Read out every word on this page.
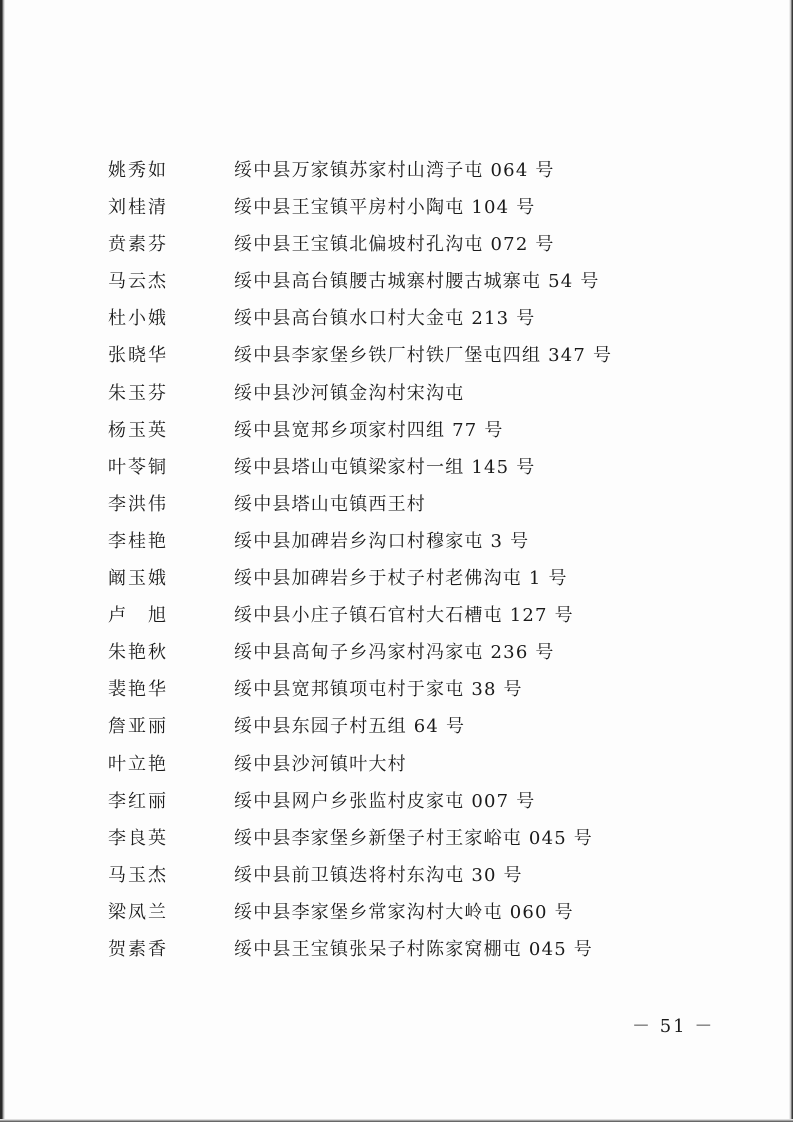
姚秀如	绥中县万家镇苏家村山湾子屯 064 号
刘桂清	绥中县王宝镇平房村小陶屯 104 号
贲素芬	绥中县王宝镇北偏坡村孔沟屯 072 号
马云杰	绥中县高台镇腰古城寨村腰古城寨屯 54 号
杜小娥	绥中县高台镇水口村大金屯 213 号
张晓华	绥中县李家堡乡铁厂村铁厂堡屯四组 347 号
朱玉芬	绥中县沙河镇金沟村宋沟屯
杨玉英	绥中县宽邦乡项家村四组 77 号
叶苓铜	绥中县塔山屯镇梁家村一组 145 号
李洪伟	绥中县塔山屯镇西王村
李桂艳	绥中县加碑岩乡沟口村穆家屯 3 号
阚玉娥	绥中县加碑岩乡于杖子村老佛沟屯 1 号
卢　旭	绥中县小庄子镇石官村大石槽屯 127 号
朱艳秋	绥中县高甸子乡冯家村冯家屯 236 号
裴艳华	绥中县宽邦镇项屯村于家屯 38 号
詹亚丽	绥中县东园子村五组 64 号
叶立艳	绥中县沙河镇叶大村
李红丽	绥中县网户乡张监村皮家屯 007 号
李良英	绥中县李家堡乡新堡子村王家峪屯 045 号
马玉杰	绥中县前卫镇迭将村东沟屯 30 号
梁凤兰	绥中县李家堡乡常家沟村大岭屯 060 号
贺素香	绥中县王宝镇张呆子村陈家窝棚屯 045 号
－ 51 －
